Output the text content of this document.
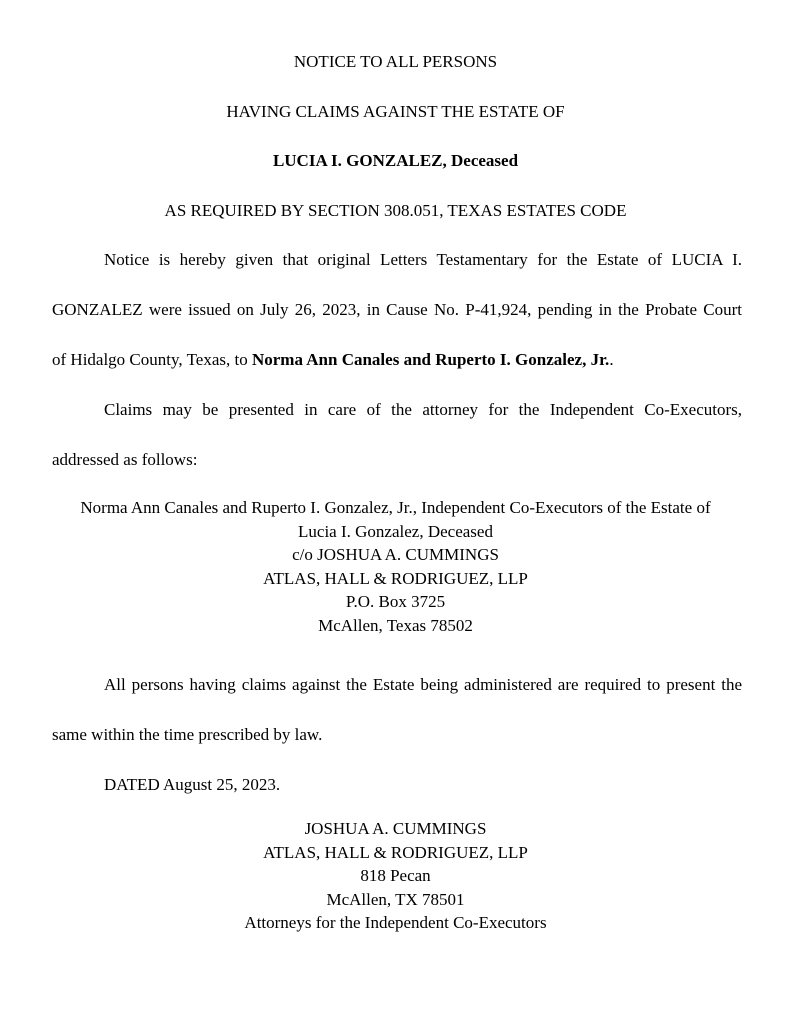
NOTICE TO ALL PERSONS
HAVING CLAIMS AGAINST THE ESTATE OF
LUCIA I. GONZALEZ, Deceased
AS REQUIRED BY SECTION 308.051, TEXAS ESTATES CODE
Notice is hereby given that original Letters Testamentary for the Estate of LUCIA I.
GONZALEZ were issued on July 26, 2023, in Cause No. P-41,924, pending in the Probate Court
of Hidalgo County, Texas, to Norma Ann Canales and Ruperto I. Gonzalez, Jr..
Claims may be presented in care of the attorney for the Independent Co-Executors,
addressed as follows:
Norma Ann Canales and Ruperto I. Gonzalez, Jr., Independent Co-Executors of the Estate of
Lucia I. Gonzalez, Deceased
c/o JOSHUA A. CUMMINGS
ATLAS, HALL & RODRIGUEZ, LLP
P.O. Box 3725
McAllen, Texas 78502
All persons having claims against the Estate being administered are required to present the
same within the time prescribed by law.
DATED August 25, 2023.
JOSHUA A. CUMMINGS
ATLAS, HALL & RODRIGUEZ, LLP
818 Pecan
McAllen, TX 78501
Attorneys for the Independent Co-Executors
